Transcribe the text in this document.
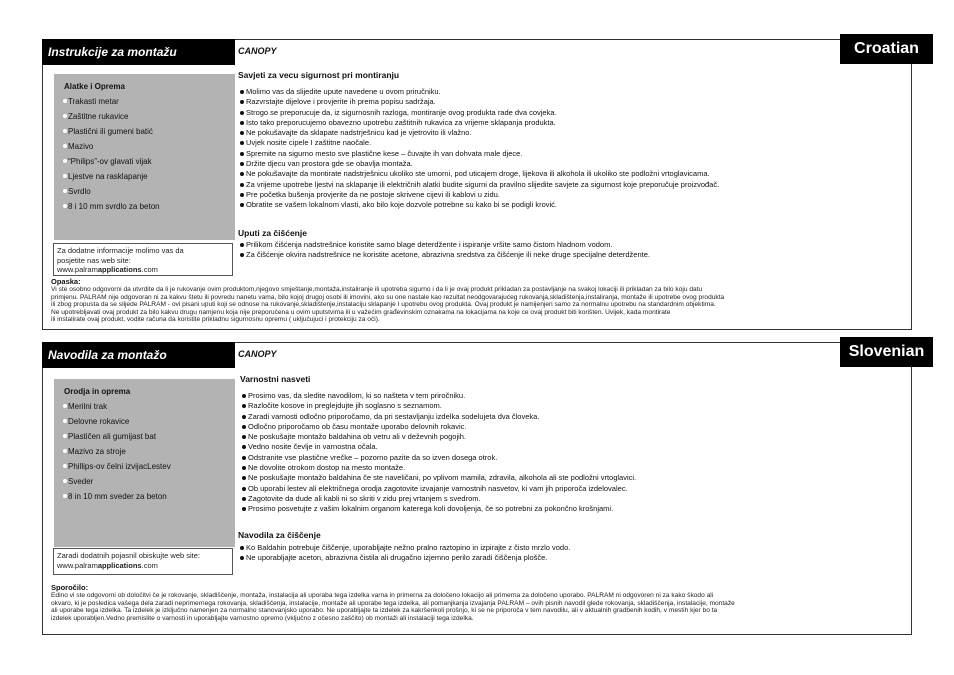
Instrukcije za montažu	Croatian
CANOPY
Alatke i Oprema
Trakasti metar
Zaštitne rukavice
Plastični ili gumeni batić
Mazivo
“Philips”-ov glavati vijak
Ljestve na rasklapanje
Svrdlo
8 i 10 mm svrdlo za beton
Za dodatne informacije molimo vas da
posjetite nas web site:
www.palramapplications.com
Savjeti za vecu sigurnost pri montiranju
Molimo vas da slijedite upute navedene u ovom priručniku.
Razvrstajte dijelove i provjerite ih prema popisu sadržaja.
Strogo se preporucuje da, iz sigurnosnih razloga, montiranje ovog produkta rade dva covjeka.
Isto tako preporucujemo obavezno upotrebu zaštitnih rukavica za vrijeme sklapanja produkta.
Ne pokušavajte da sklapate nadstrješnicu kad je vjetrovito ili vlažno.
Uvjek nosite cipele I zaštitne naočale.
Spremite na sigurno mesto sve plastične kese – čuvajte ih van dohvata male djece.
Držite djecu van prostora gde se obavlja montaža.
Ne pokušavajte da montirate nadstrješnicu ukoliko ste umorni, pod uticajem droge, lijekova ili alkohola ili ukoliko ste podložni vrtoglavicama.
Za vrijeme upotrebe ljestvi na sklapanje ili električnih alatki budite sigurni da pravilno slijedite savjete za sigurnost koje preporučuje proizvođač.
Pre početka bušenja provjerite da ne postoje skrivene cijevi ili kablovi u zidu.
Obratite se vašem lokalnom vlasti, ako bilo koje dozvole potrebne su kako bi se podigli krović.
Uputi za čišćenje
Prilikom čišćenja nadstrešnice koristite samo blage deterdžente i ispiranje vršite samo čistom hladnom vodom.
Za čišćenje okvira nadstrešnice ne koristite acetone, abrazivna sredstva za čišćenje ili neke druge specijalne deterdžente.
Opaska:
Vi ste osobno odgovorni da utvrdite da li je rukovanje ovim produktom,njegovo smještanje,montaža,instaliranje ili upotreba sigurno i da li je ovaj produkt prikladan za postavljanje na svakoj lokaciji ili prikladan za bilo koju datu
primjenu. PALRAM nije odgovoran ni za kakvu štetu ili povredu nanetu vama, bilo kojoj drugoj osobi ili imovini, ako su one nastale kao rezultat neodgovarajućeg rukovanja,skladištenja,instaliranja, montaže ili upotrebe ovog produkta
ili zbog propusta da se slijede PALRAM - ovi pisani uputi koji se odnose na rukovanje,skladištenje,instalaciju sklapanje I upotrebu ovog produkta. Ovaj produkt je namijenjen samo za normalnu upotrebu na standardnim objektima.
Ne upotrebljavati ovaj produkt za bilo kakvu drugu namjenu koja nije preporučena u ovim uputstvima ili u važećim građevinskim oznakama na lokacijama na koje ce ovaj produkt biti korišten. Uvijek, kada montirate
ili instalirate ovaj produkt, vodite računa da koristite prikladnu sigurnosnu opremu ( uključujuci i protekciju za oči).
Navodila za montažo	Slovenian
CANOPY
Orodja in oprema
Merilni trak
Delovne rokavice
Plastičen ali gumijast bat
Mazivo za stroje
Phillips-ov čelni izvijacLestev
Sveder
8 in 10 mm sveder za beton
Zaradi dodatnih pojasnil obiskujte web site:
www.palramapplications.com
Varnostni nasveti
Prosimo vas, da sledite navodilom, ki so našteta v tem priročniku.
Razločite kosove in preglejdujte jih soglasno s seznamom.
Zaradi varnosti odločno priporočamo, da pri sestavljanju izdelka sodelujeta dva človeka.
Odločno priporočamo ob času montaže uporabo delovnih rokavic.
Ne poskušajte montažo baldahina ob vetru ali v deževnih pogojih.
Vedno nosite čevlje in varnostna očala.
Odstranite vse plastične vrečke – pozorno pazite da so izven dosega otrok.
Ne dovolite otrokom dostop na mesto montaže.
Ne poskušajte montažo baldahina če ste naveličani, po vplivom mamila, zdravila, alkohola ali ste podložni vrtoglavici.
Ob uporabi lestev ali električnega orodja zagotovite izvajanje varnostnih nasvetov, ki vam jih priporoča izdelovalec.
Zagotovite da dude ali kabli ni so skriti v zidu prej vrtanjem s svedrom.
Prosimo posvetujte z vašim lokalnim organom katerega koli dovoljenja, če so potrebni za pokončno krošnjami.
Navodila za čiščenje
Ko Baldahin potrebuje čiščenje, uporabljajte nežno pralno raztopino in izpirajte z čisto mrzlo vodo.
Ne uporabljajte aceton, abrazivna čistila ali drugačno izjemno perilo zaradi čiščenja plošče.
Sporočilo:
Edino vi ste odgovorni ob določitvi če je rokovanje, skladiščenje, montaža, instalacija ali uporaba tega izdelka varna in primerna za določeno lokacijo ali primerna za določeno uporabo. PALRAM ni odgovoren ni za kako škodo ali
okvaro, ki je posledica vašega dela zaradi neprimernega rokovanja, skladiščenja, instalacije, montaže ali uporabe tega izdelka, ali pomanjkanja izvajanja PALRAM – ovih pisnih navodil glede rokovanja, skladiščenja, instalacije, montaže
ali uporabe tega izdelka. Ta izdelek je izključno namenjen za normalno stanovanjsko uporabo. Ne uporabljajte ta izdelek za kakršenkoli prošnjo, ki se ne priporoča v tem navodilu, ali v aktualnih gradbenih kodih, v mestih kjer bo ta
izdelek uporabljen.Vedno premislite o varnosti in uporabljajte varnostno opremo (vključno z očesno zaščito) ob montaži ali instalaciji tega izdelka.
